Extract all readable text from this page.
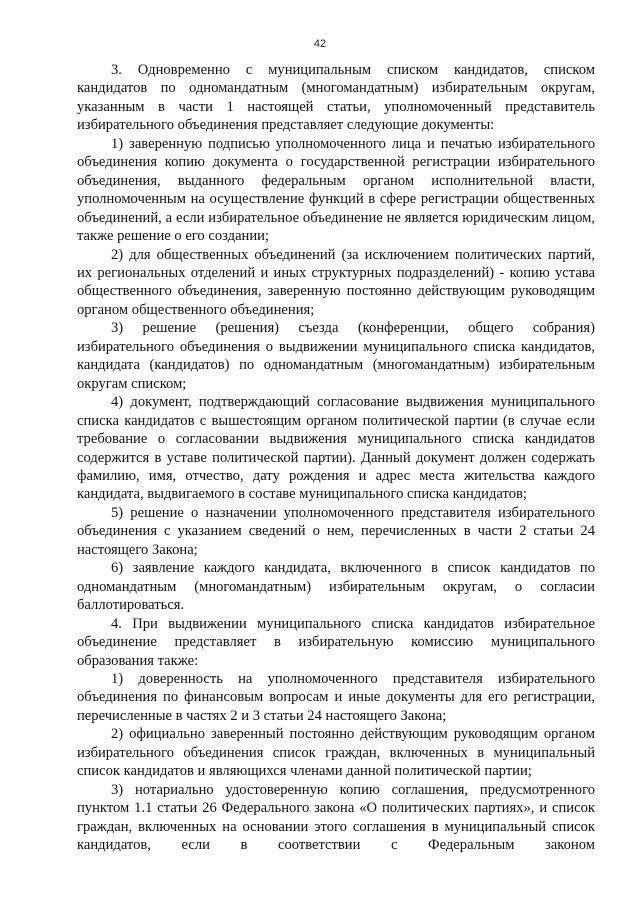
42

3. Одновременно с муниципальным списком кандидатов, списком кандидатов по одномандатным (многомандатным) избирательным округам, указанным в части 1 настоящей статьи, уполномоченный представитель избирательного объединения представляет следующие документы:

1) заверенную подписью уполномоченного лица и печатью избирательного объединения копию документа о государственной регистрации избирательного объединения, выданного федеральным органом исполнительной власти, уполномоченным на осуществление функций в сфере регистрации общественных объединений, а если избирательное объединение не является юридическим лицом, также решение о его создании;

2) для общественных объединений (за исключением политических партий, их региональных отделений и иных структурных подразделений) - копию устава общественного объединения, заверенную постоянно действующим руководящим органом общественного объединения;

3) решение (решения) съезда (конференции, общего собрания) избирательного объединения о выдвижении муниципального списка кандидатов, кандидата (кандидатов) по одномандатным (многомандатным) избирательным округам списком;

4) документ, подтверждающий согласование выдвижения муниципального списка кандидатов с вышестоящим органом политической партии (в случае если требование о согласовании выдвижения муниципального списка кандидатов содержится в уставе политической партии). Данный документ должен содержать фамилию, имя, отчество, дату рождения и адрес места жительства каждого кандидата, выдвигаемого в составе муниципального списка кандидатов;

5) решение о назначении уполномоченного представителя избирательного объединения с указанием сведений о нем, перечисленных в части 2 статьи 24 настоящего Закона;

6) заявление каждого кандидата, включенного в список кандидатов по одномандатным (многомандатным) избирательным округам, о согласии баллотироваться.

4. При выдвижении муниципального списка кандидатов избирательное объединение представляет в избирательную комиссию муниципального образования также:

1) доверенность на уполномоченного представителя избирательного объединения по финансовым вопросам и иные документы для его регистрации, перечисленные в частях 2 и 3 статьи 24 настоящего Закона;

2) официально заверенный постоянно действующим руководящим органом избирательного объединения список граждан, включенных в муниципальный список кандидатов и являющихся членами данной политической партии;

3) нотариально удостоверенную копию соглашения, предусмотренного пунктом 1.1 статьи 26 Федерального закона «О политических партиях», и список граждан, включенных на основании этого соглашения в муниципальный список кандидатов, если в соответствии с Федеральным законом
